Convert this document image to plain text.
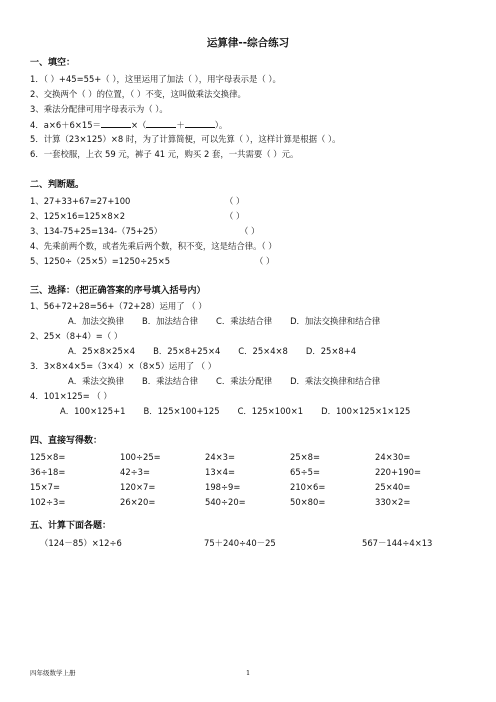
运算律--综合练习
一、填空：
1．（ ）+45=55+（ ），这里运用了加法（ ），用字母表示是（ ）。
2、交换两个（ ）的位置，（ ）不变，这叫做乘法交换律。
3、乘法分配律可用字母表示为（ ）。
4．a×6＋6×15＝	×（	＋	）。
5．计算（23×125）×8 时，为了计算简便，可以先算（ ），这样计算是根据（ ）。
6．一套校服，上衣 59 元，裤子 41 元，购买 2 套，一共需要（ ）元。
二、判断题。
1、27+33+67=27+100	（ ）
2、125×16=125×8×2	（ ）
3、134-75+25=134-（75+25）	（ ）
4、先乘前两个数，或者先乘后两个数，积不变，这是结合律。（ ）
5、1250÷（25×5）=1250÷25×5	（ ）
三、选择：（把正确答案的序号填入括号内）
1、56+72+28=56+（72+28）运用了 （ ）
A．加法交换律 B．加法结合律 C．乘法结合律 D．加法交换律和结合律
2、25×（8+4）=（ ）
A．25×8×25×4 B．25×8+25×4 C．25×4×8 D．25×8+4
3．3×8×4×5=（3×4）×（8×5）运用了 （ ）
A．乘法交换律 B．乘法结合律 C．乘法分配律 D．乘法交换律和结合律
4．101×125= （ ）
A．100×125+1 B．125×100+125 C．125×100×1 D．100×125×1×125
四、直接写得数：
125×8=	100÷25=	24×3=	25×8=	24×30=
36÷18=	42÷3=	13×4=	65÷5=	220+190=
15×7=	120×7=	198÷9=	210×6=	25×40=
102÷3=	26×20=	540÷20=	50×80=	330×2=
五、计算下面各题：
（124－85）×12÷6	75＋240÷40－25	567－144÷4×13
四年级数学上册	1
